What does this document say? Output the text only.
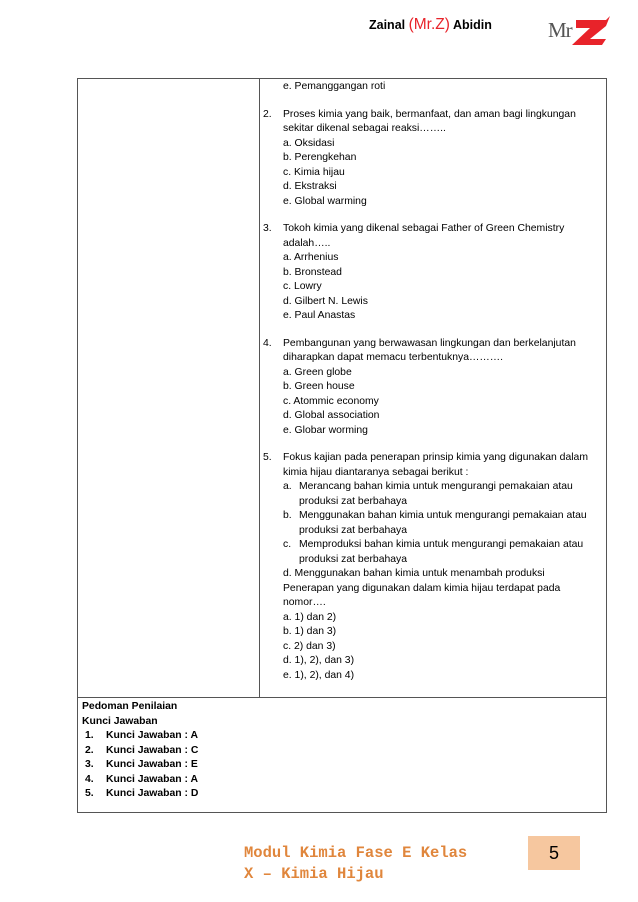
Zainal (Mr.Z) Abidin	Mr
MrZ
e. Pemanggangan roti
2. Proses kimia yang baik, bermanfaat, dan aman bagi lingkungan sekitar dikenal sebagai reaksi……..
a. Oksidasi
b. Perengkehan
c. Kimia hijau
d. Ekstraksi
e. Global warming
3. Tokoh kimia yang dikenal sebagai Father of Green Chemistry adalah…..
a. Arrhenius
b. Bronstead
c. Lowry
d. Gilbert N. Lewis
e. Paul Anastas
4. Pembangunan yang berwawasan lingkungan dan berkelanjutan diharapkan dapat memacu terbentuknya……….
a. Green globe
b. Green house
c. Atommic economy
d. Global association
e. Globar worming
5. Fokus kajian pada penerapan prinsip kimia yang digunakan dalam kimia hijau diantaranya sebagai berikut :
a. Merancang bahan kimia untuk mengurangi pemakaian atau produksi zat berbahaya
b. Menggunakan bahan kimia untuk mengurangi pemakaian atau produksi zat berbahaya
c. Memproduksi bahan kimia untuk mengurangi pemakaian atau produksi zat berbahaya
d. Menggunakan bahan kimia untuk menambah produksi
Penerapan yang digunakan dalam kimia hijau terdapat pada nomor….
a. 1) dan 2)
b. 1) dan 3)
c. 2) dan 3)
d. 1), 2), dan 3)
e. 1), 2), dan 4)
Pedoman Penilaian
Kunci Jawaban
1. Kunci Jawaban : A
2. Kunci Jawaban : C
3. Kunci Jawaban : E
4. Kunci Jawaban : A
5. Kunci Jawaban : D
Modul Kimia Fase E Kelas
X – Kimia Hijau
5
